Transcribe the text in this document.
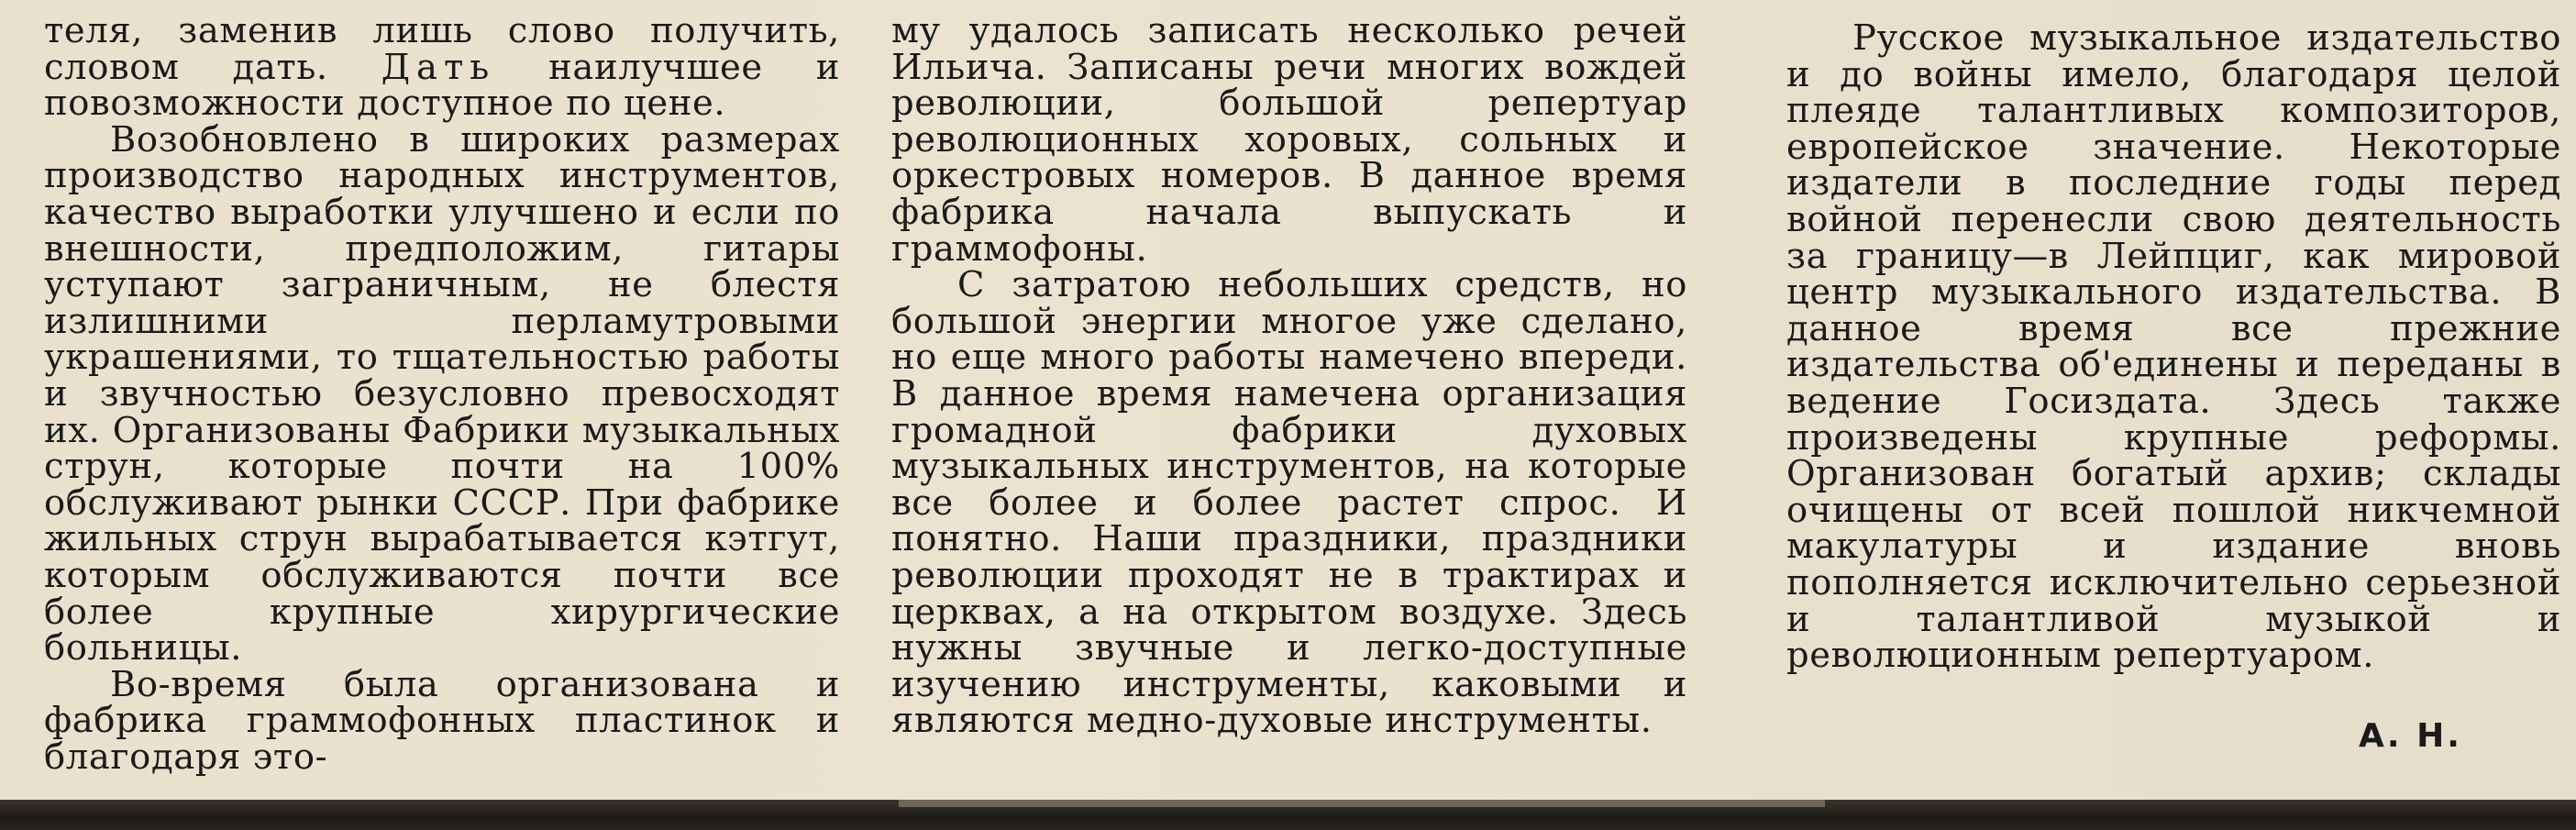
теля, заменив лишь слово получить, словом дать. Дать наилучшее и повозможности доступное по цене.

Возобновлено в широких размерах производство народных инструментов, качество выработки улучшено и если по внешности, предположим, гитары уступают заграничным, не блестя излишними перламутровыми украшениями, то тщательностью работы и звучностью безусловно превосходят их. Организованы Фабрики музыкальных струн, которые почти на 100% обслуживают рынки СССР. При фабрике жильных струн вырабатывается кэтгут, которым обслуживаются почти все более крупные хирургические больницы.

Во-время была организована и фабрика граммофонных пластинок и благодаря это-

му удалось записать несколько речей Ильича. Записаны речи многих вождей революции, большой репертуар революционных хоровых, сольных и оркестровых номеров. В данное время фабрика начала выпускать и граммофоны.

С затратою небольших средств, но большой энергии многое уже сделано, но еще много работы намечено впереди. В данное время намечена организация громадной фабрики духовых музыкальных инструментов, на которые все более и более растет спрос. И понятно. Наши праздники, праздники революции проходят не в трактирах и церквах, а на открытом воздухе. Здесь нужны звучные и легко-доступные изучению инструменты, каковыми и являются медно-духовые инструменты.

Русское музыкальное издательство и до войны имело, благодаря целой плеяде талантливых композиторов, европейское значение. Некоторые издатели в последние годы перед войной перенесли свою деятельность за границу—в Лейпциг, как мировой центр музыкального издательства. В данное время все прежние издательства об'единены и переданы в ведение Госиздата. Здесь также произведены крупные реформы. Организован богатый архив; склады очищены от всей пошлой никчемной макулатуры и издание вновь пополняется исключительно серьезной и талантливой музыкой и революционным репертуаром.

А. Н.
